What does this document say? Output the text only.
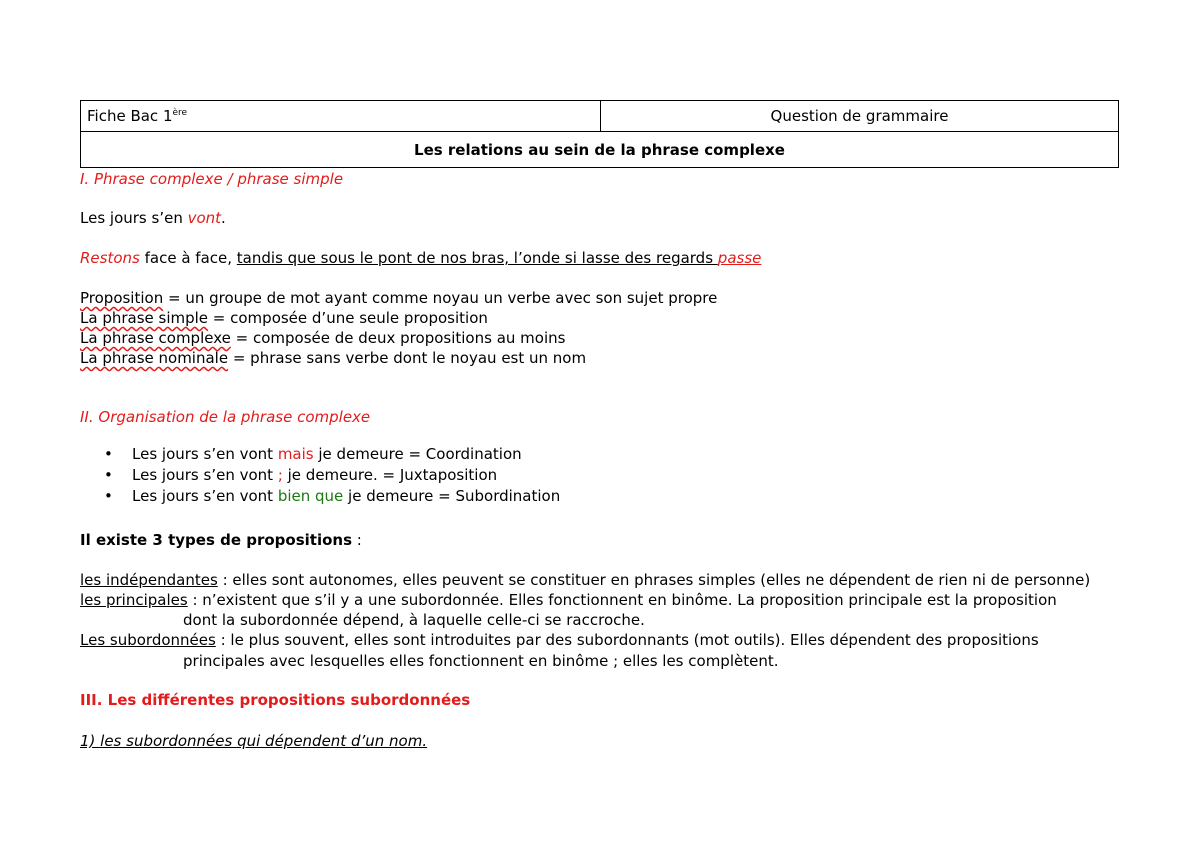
Fiche Bac 1ère	Question de grammaire
Les relations au sein de la phrase complexe
I. Phrase complexe / phrase simple
Les jours s’en vont.
Restons face à face, tandis que sous le pont de nos bras, l’onde si lasse des regards passe
Proposition = un groupe de mot ayant comme noyau un verbe avec son sujet propre
La phrase simple = composée d’une seule proposition
La phrase complexe = composée de deux propositions au moins
La phrase nominale = phrase sans verbe dont le noyau est un nom
II. Organisation de la phrase complexe
• Les jours s’en vont mais je demeure = Coordination
• Les jours s’en vont ; je demeure. = Juxtaposition
• Les jours s’en vont bien que je demeure = Subordination
Il existe 3 types de propositions :
les indépendantes : elles sont autonomes, elles peuvent se constituer en phrases simples (elles ne dépendent de rien ni de personne)
les principales : n’existent que s’il y a une subordonnée. Elles fonctionnent en binôme. La proposition principale est la proposition
dont la subordonnée dépend, à laquelle celle-ci se raccroche.
Les subordonnées : le plus souvent, elles sont introduites par des subordonnants (mot outils). Elles dépendent des propositions
principales avec lesquelles elles fonctionnent en binôme ; elles les complètent.
III. Les différentes propositions subordonnées
1) les subordonnées qui dépendent d’un nom.
